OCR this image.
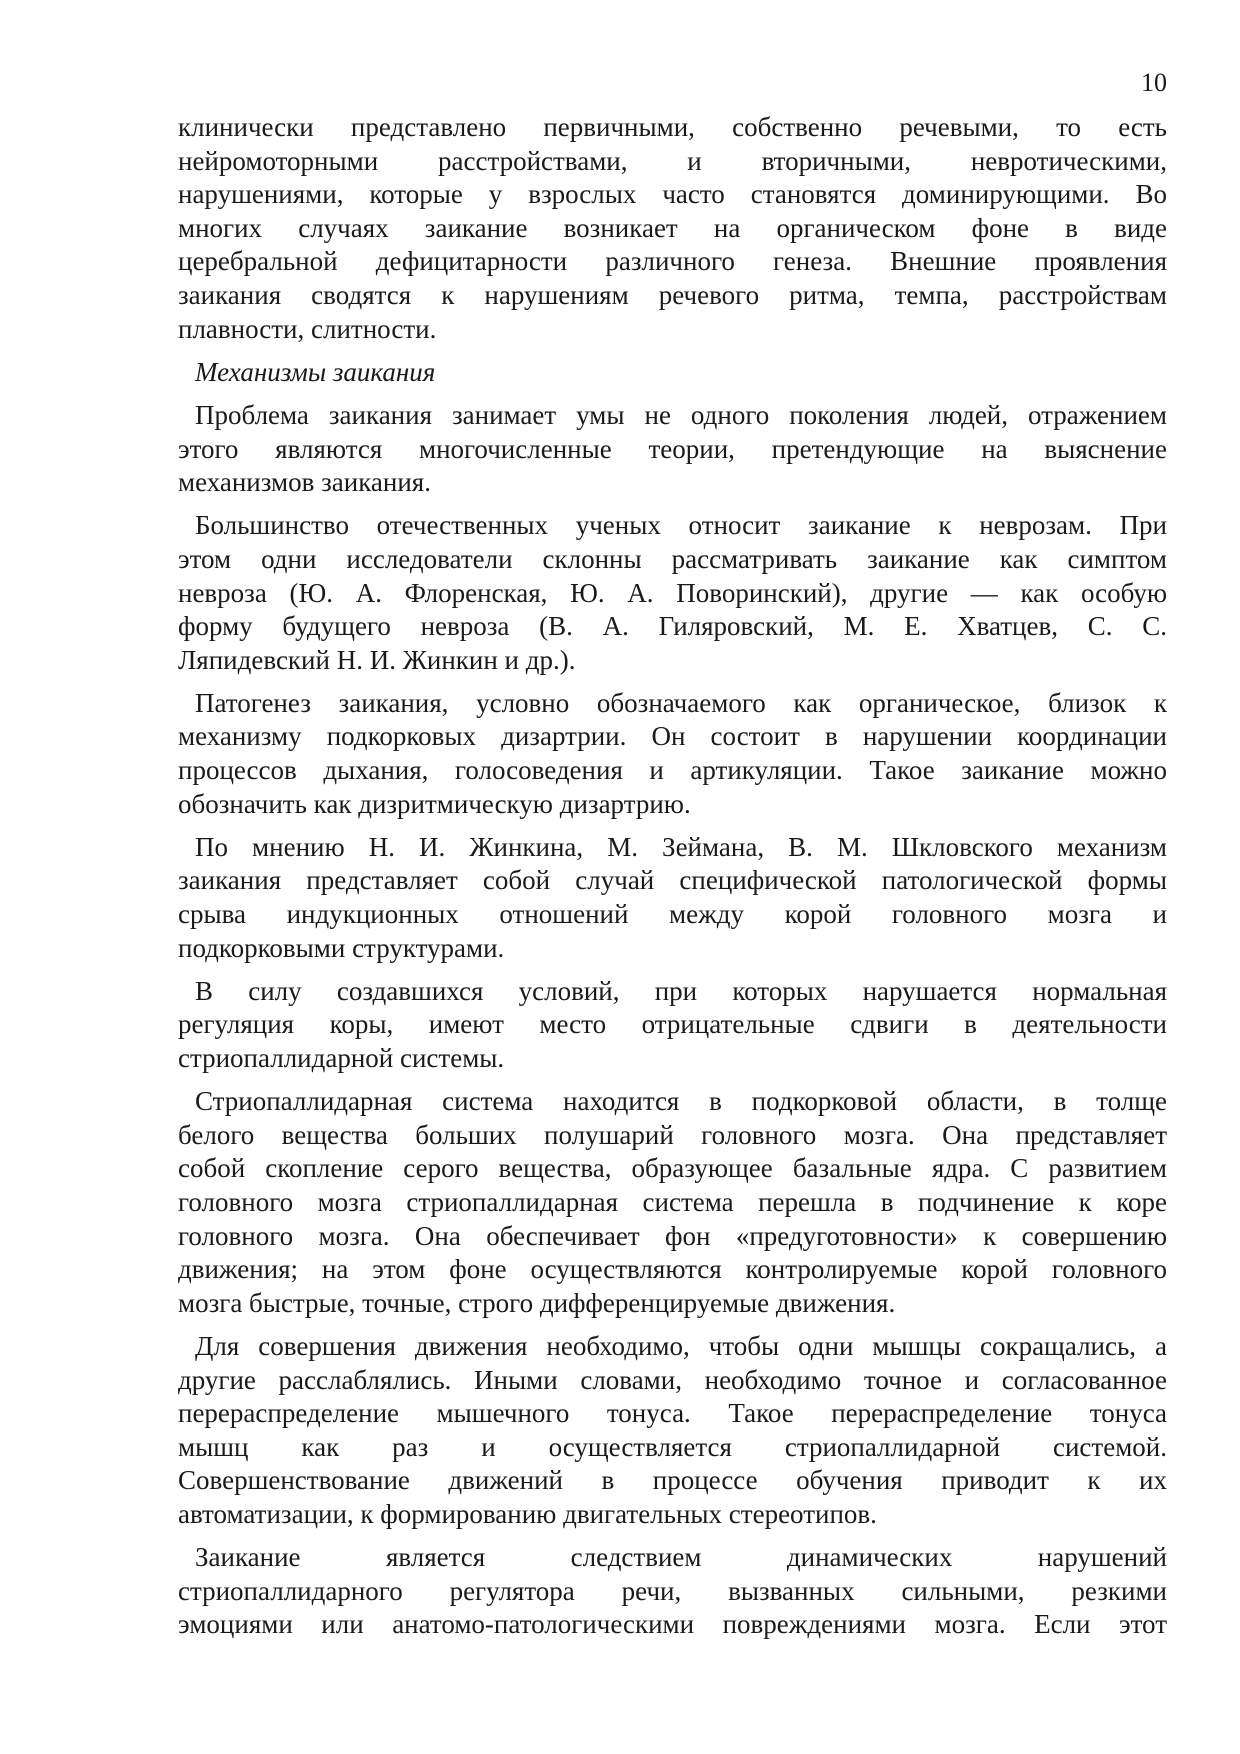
10
клинически представлено первичными, собственно речевыми, то есть
нейромоторными расстройствами, и вторичными, невротическими,
нарушениями, которые у взрослых часто становятся доминирующими. Во
многих случаях заикание возникает на органическом фоне в виде
церебральной дефицитарности различного генеза. Внешние проявления
заикания сводятся к нарушениям речевого ритма, темпа, расстройствам
плавности, слитности.
Механизмы заикания
Проблема заикания занимает умы не одного поколения людей, отражением
этого являются многочисленные теории, претендующие на выяснение
механизмов заикания.
Большинство отечественных ученых относит заикание к неврозам. При
этом одни исследователи склонны рассматривать заикание как симптом
невроза (Ю. А. Флоренская, Ю. А. Поворинский), другие — как особую
форму будущего невроза (В. А. Гиляровский, М. Е. Хватцев, С. С.
Ляпидевский Н. И. Жинкин и др.).
Патогенез заикания, условно обозначаемого как органическое, близок к
механизму подкорковых дизартрии. Он состоит в нарушении координации
процессов дыхания, голосоведения и артикуляции. Такое заикание можно
обозначить как дизритмическую дизартрию.
По мнению Н. И. Жинкина, М. Зеймана, В. М. Шкловского механизм
заикания представляет собой случай специфической патологической формы
срыва индукционных отношений между корой головного мозга и
подкорковыми структурами.
В силу создавшихся условий, при которых нарушается нормальная
регуляция коры, имеют место отрицательные сдвиги в деятельности
стриопаллидарной системы.
Стриопаллидарная система находится в подкорковой области, в толще
белого вещества больших полушарий головного мозга. Она представляет
собой скопление серого вещества, образующее базальные ядра. С развитием
головного мозга стриопаллидарная система перешла в подчинение к коре
головного мозга. Она обеспечивает фон «предуготовности» к совершению
движения; на этом фоне осуществляются контролируемые корой головного
мозга быстрые, точные, строго дифференцируемые движения.
Для совершения движения необходимо, чтобы одни мышцы сокращались, а
другие расслаблялись. Иными словами, необходимо точное и согласованное
перераспределение мышечного тонуса. Такое перераспределение тонуса
мышц как раз и осуществляется стриопаллидарной системой.
Совершенствование движений в процессе обучения приводит к их
автоматизации, к формированию двигательных стереотипов.
Заикание является следствием динамических нарушений
стриопаллидарного регулятора речи, вызванных сильными, резкими
эмоциями или анатомо-патологическими повреждениями мозга. Если этот
